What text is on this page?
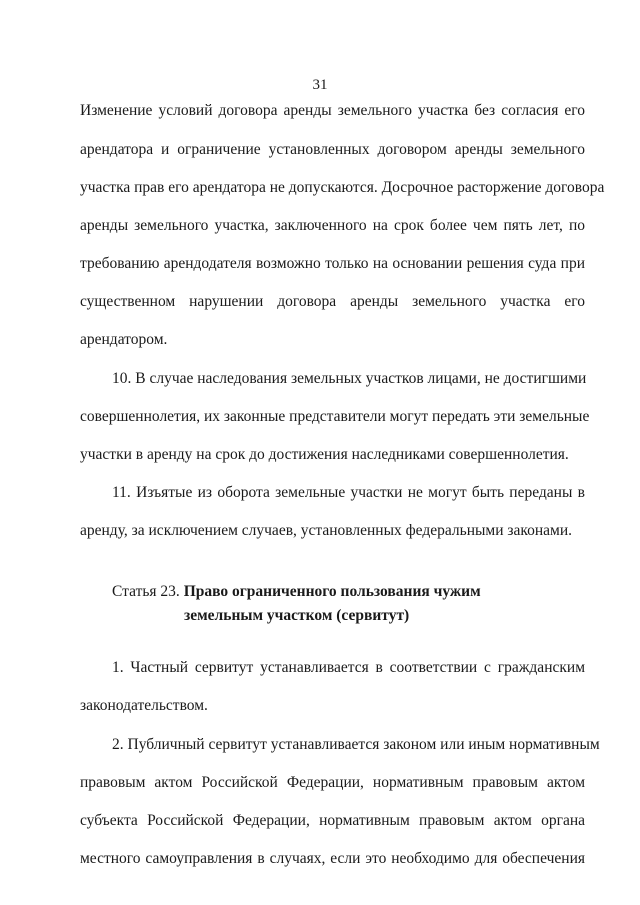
31
Изменение условий договора аренды земельного участка без согласия его
арендатора и ограничение установленных договором аренды земельного
участка прав его арендатора не допускаются. Досрочное расторжение договора
аренды земельного участка, заключенного на срок более чем пять лет, по
требованию арендодателя возможно только на основании решения суда при
существенном нарушении договора аренды земельного участка его
арендатором.
10. В случае наследования земельных участков лицами, не достигшими
совершеннолетия, их законные представители могут передать эти земельные
участки в аренду на срок до достижения наследниками совершеннолетия.
11. Изъятые из оборота земельные участки не могут быть переданы в
аренду, за исключением случаев, установленных федеральными законами.
Статья 23. Право ограниченного пользования чужим
земельным участком (сервитут)
1. Частный сервитут устанавливается в соответствии с гражданским
законодательством.
2. Публичный сервитут устанавливается законом или иным нормативным
правовым актом Российской Федерации, нормативным правовым актом
субъекта Российской Федерации, нормативным правовым актом органа
местного самоуправления в случаях, если это необходимо для обеспечения
